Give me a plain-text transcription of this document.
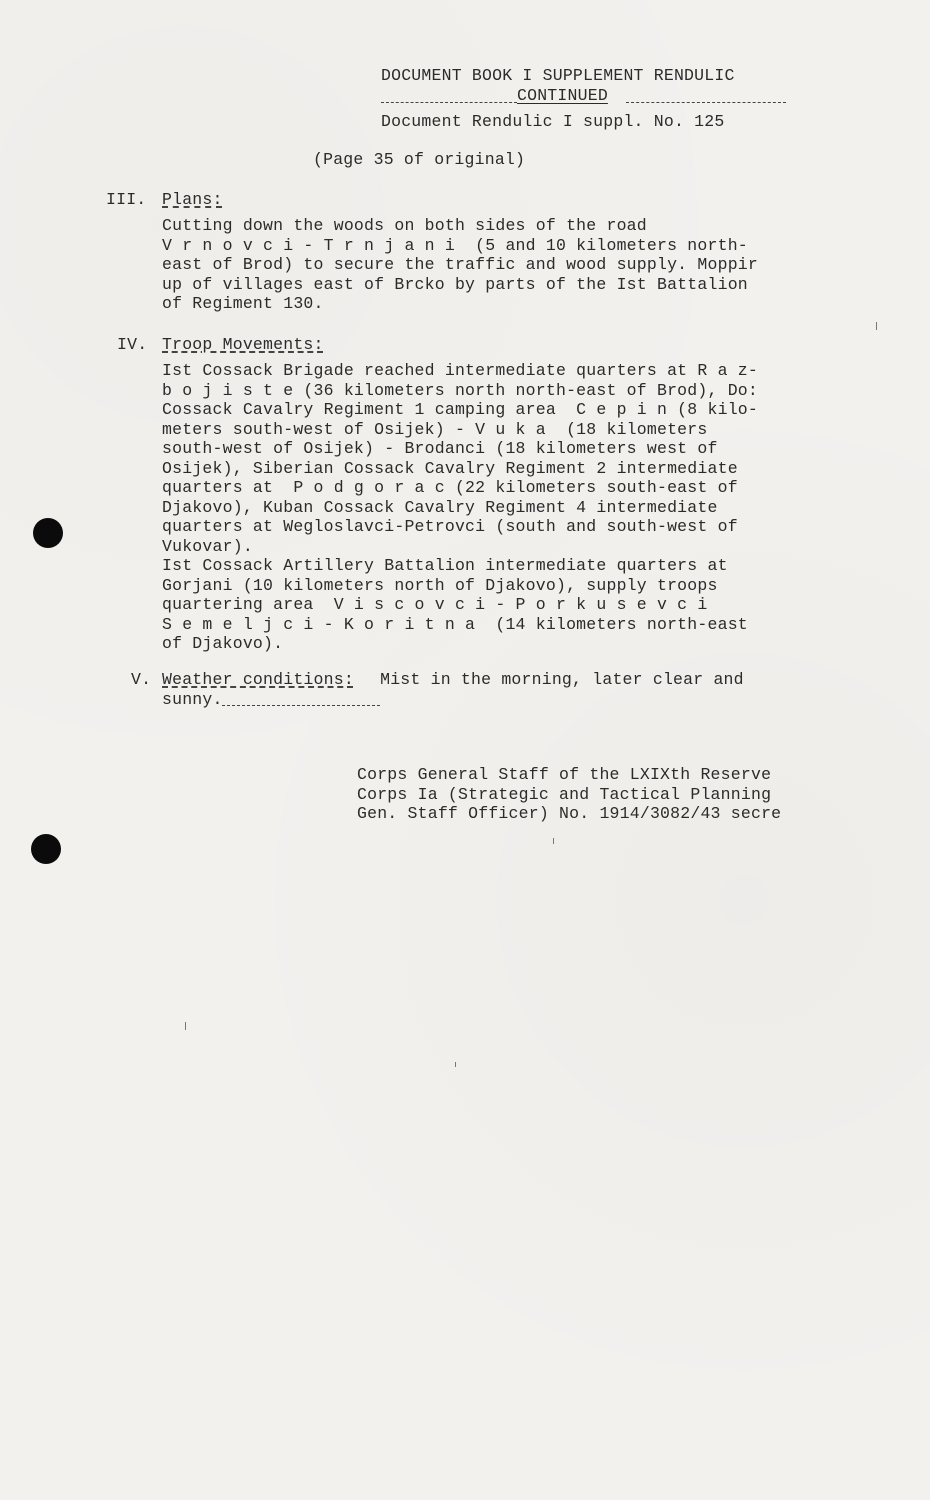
DOCUMENT BOOK I SUPPLEMENT RENDULIC
CONTINUED
Document Rendulic I suppl. No. 125
(Page 35 of original)
III. Plans:
Cutting down the woods on both sides of the road
V r n o v c i - T r n j a n i  (5 and 10 kilometers north-
east of Brod) to secure the traffic and wood supply. Moppir
up of villages east of Brcko by parts of the Ist Battalion
of Regiment 130.
IV. Troop Movements:
Ist Cossack Brigade reached intermediate quarters at R a z-
b o j i s t e (36 kilometers north north-east of Brod), Do:
Cossack Cavalry Regiment 1 camping area  C e p i n (8 kilo-
meters south-west of Osijek) - V u k a  (18 kilometers
south-west of Osijek) - Brodanci (18 kilometers west of
Osijek), Siberian Cossack Cavalry Regiment 2 intermediate
quarters at  P o d g o r a c (22 kilometers south-east of
Djakovo), Kuban Cossack Cavalry Regiment 4 intermediate
quarters at Wegloslavci-Petrovci (south and south-west of
Vukovar).
Ist Cossack Artillery Battalion intermediate quarters at
Gorjani (10 kilometers north of Djakovo), supply troops
quartering area  V i s c o v c i - P o r k u s e v c i
S e m e l j c i - K o r i t n a  (14 kilometers north-east
of Djakovo).
V. Weather conditions: Mist in the morning, later clear and
sunny.
Corps General Staff of the LXIXth Reserve
Corps Ia (Strategic and Tactical Planning
Gen. Staff Officer) No. 1914/3082/43 secre
